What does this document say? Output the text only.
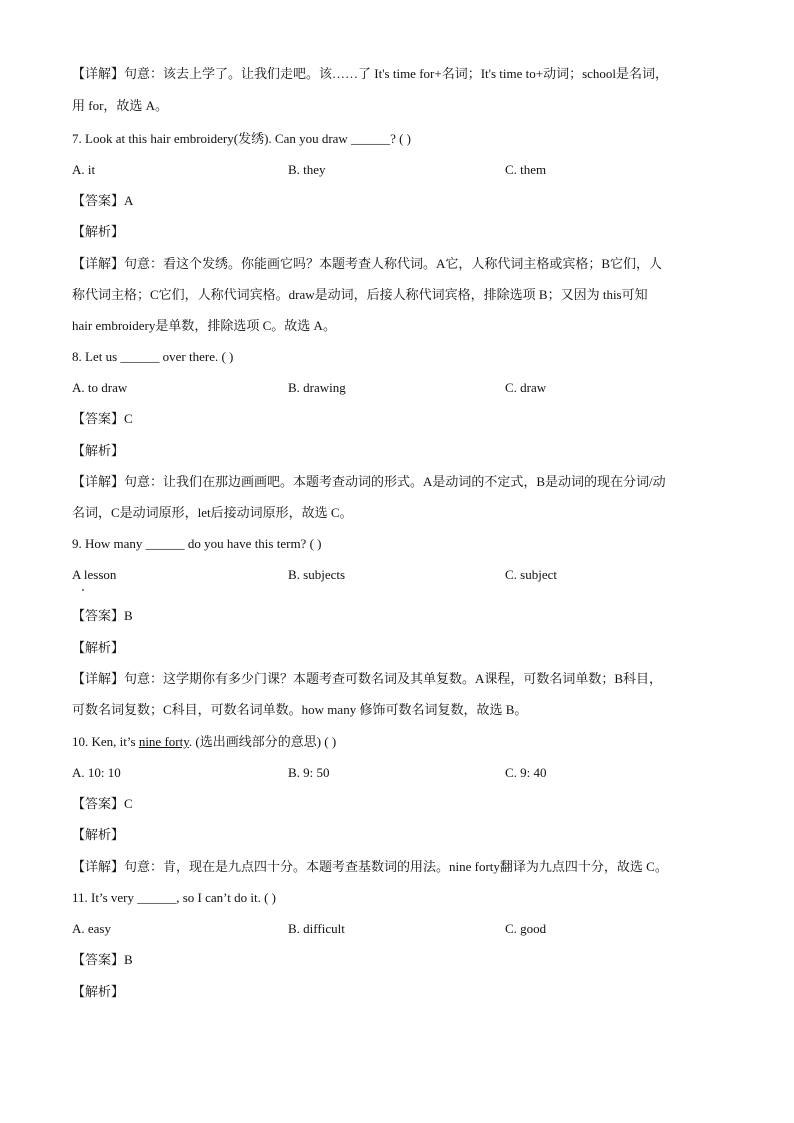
【详解】句意：该去上学了。让我们走吧。该……了 It's time for+名词；It's time to+动词；school是名词，
用 for，故选 A。
7. Look at this hair embroidery(发绣). Can you draw ______? ( )
A. it	B. they	C. them
【答案】A
【解析】
【详解】句意：看这个发绣。你能画它吗？本题考查人称代词。A它，人称代词主格或宾格；B它们，人
称代词主格；C它们，人称代词宾格。draw是动词，后接人称代词宾格，排除选项 B；又因为 this可知
hair embroidery是单数，排除选项 C。故选 A。
8. Let us ______ over there. ( )
A. to draw	B. drawing	C. draw
【答案】C
【解析】
【详解】句意：让我们在那边画画吧。本题考查动词的形式。A是动词的不定式，B是动词的现在分词/动
名词，C是动词原形，let后接动词原形，故选 C。
9. How many ______ do you have this term? ( )
A lesson	B. subjects	C. subject
【答案】B
【解析】
【详解】句意：这学期你有多少门课？本题考查可数名词及其单复数。A课程，可数名词单数；B科目，
可数名词复数；C科目，可数名词单数。how many 修饰可数名词复数，故选 B。
10. Ken, it’s nine forty. (选出画线部分的意思) ( )
A. 10: 10	B. 9: 50	C. 9: 40
【答案】C
【解析】
【详解】句意：肯，现在是九点四十分。本题考查基数词的用法。nine forty翻译为九点四十分，故选 C。
11. It’s very ______, so I can’t do it. ( )
A. easy	B. difficult	C. good
【答案】B
【解析】
